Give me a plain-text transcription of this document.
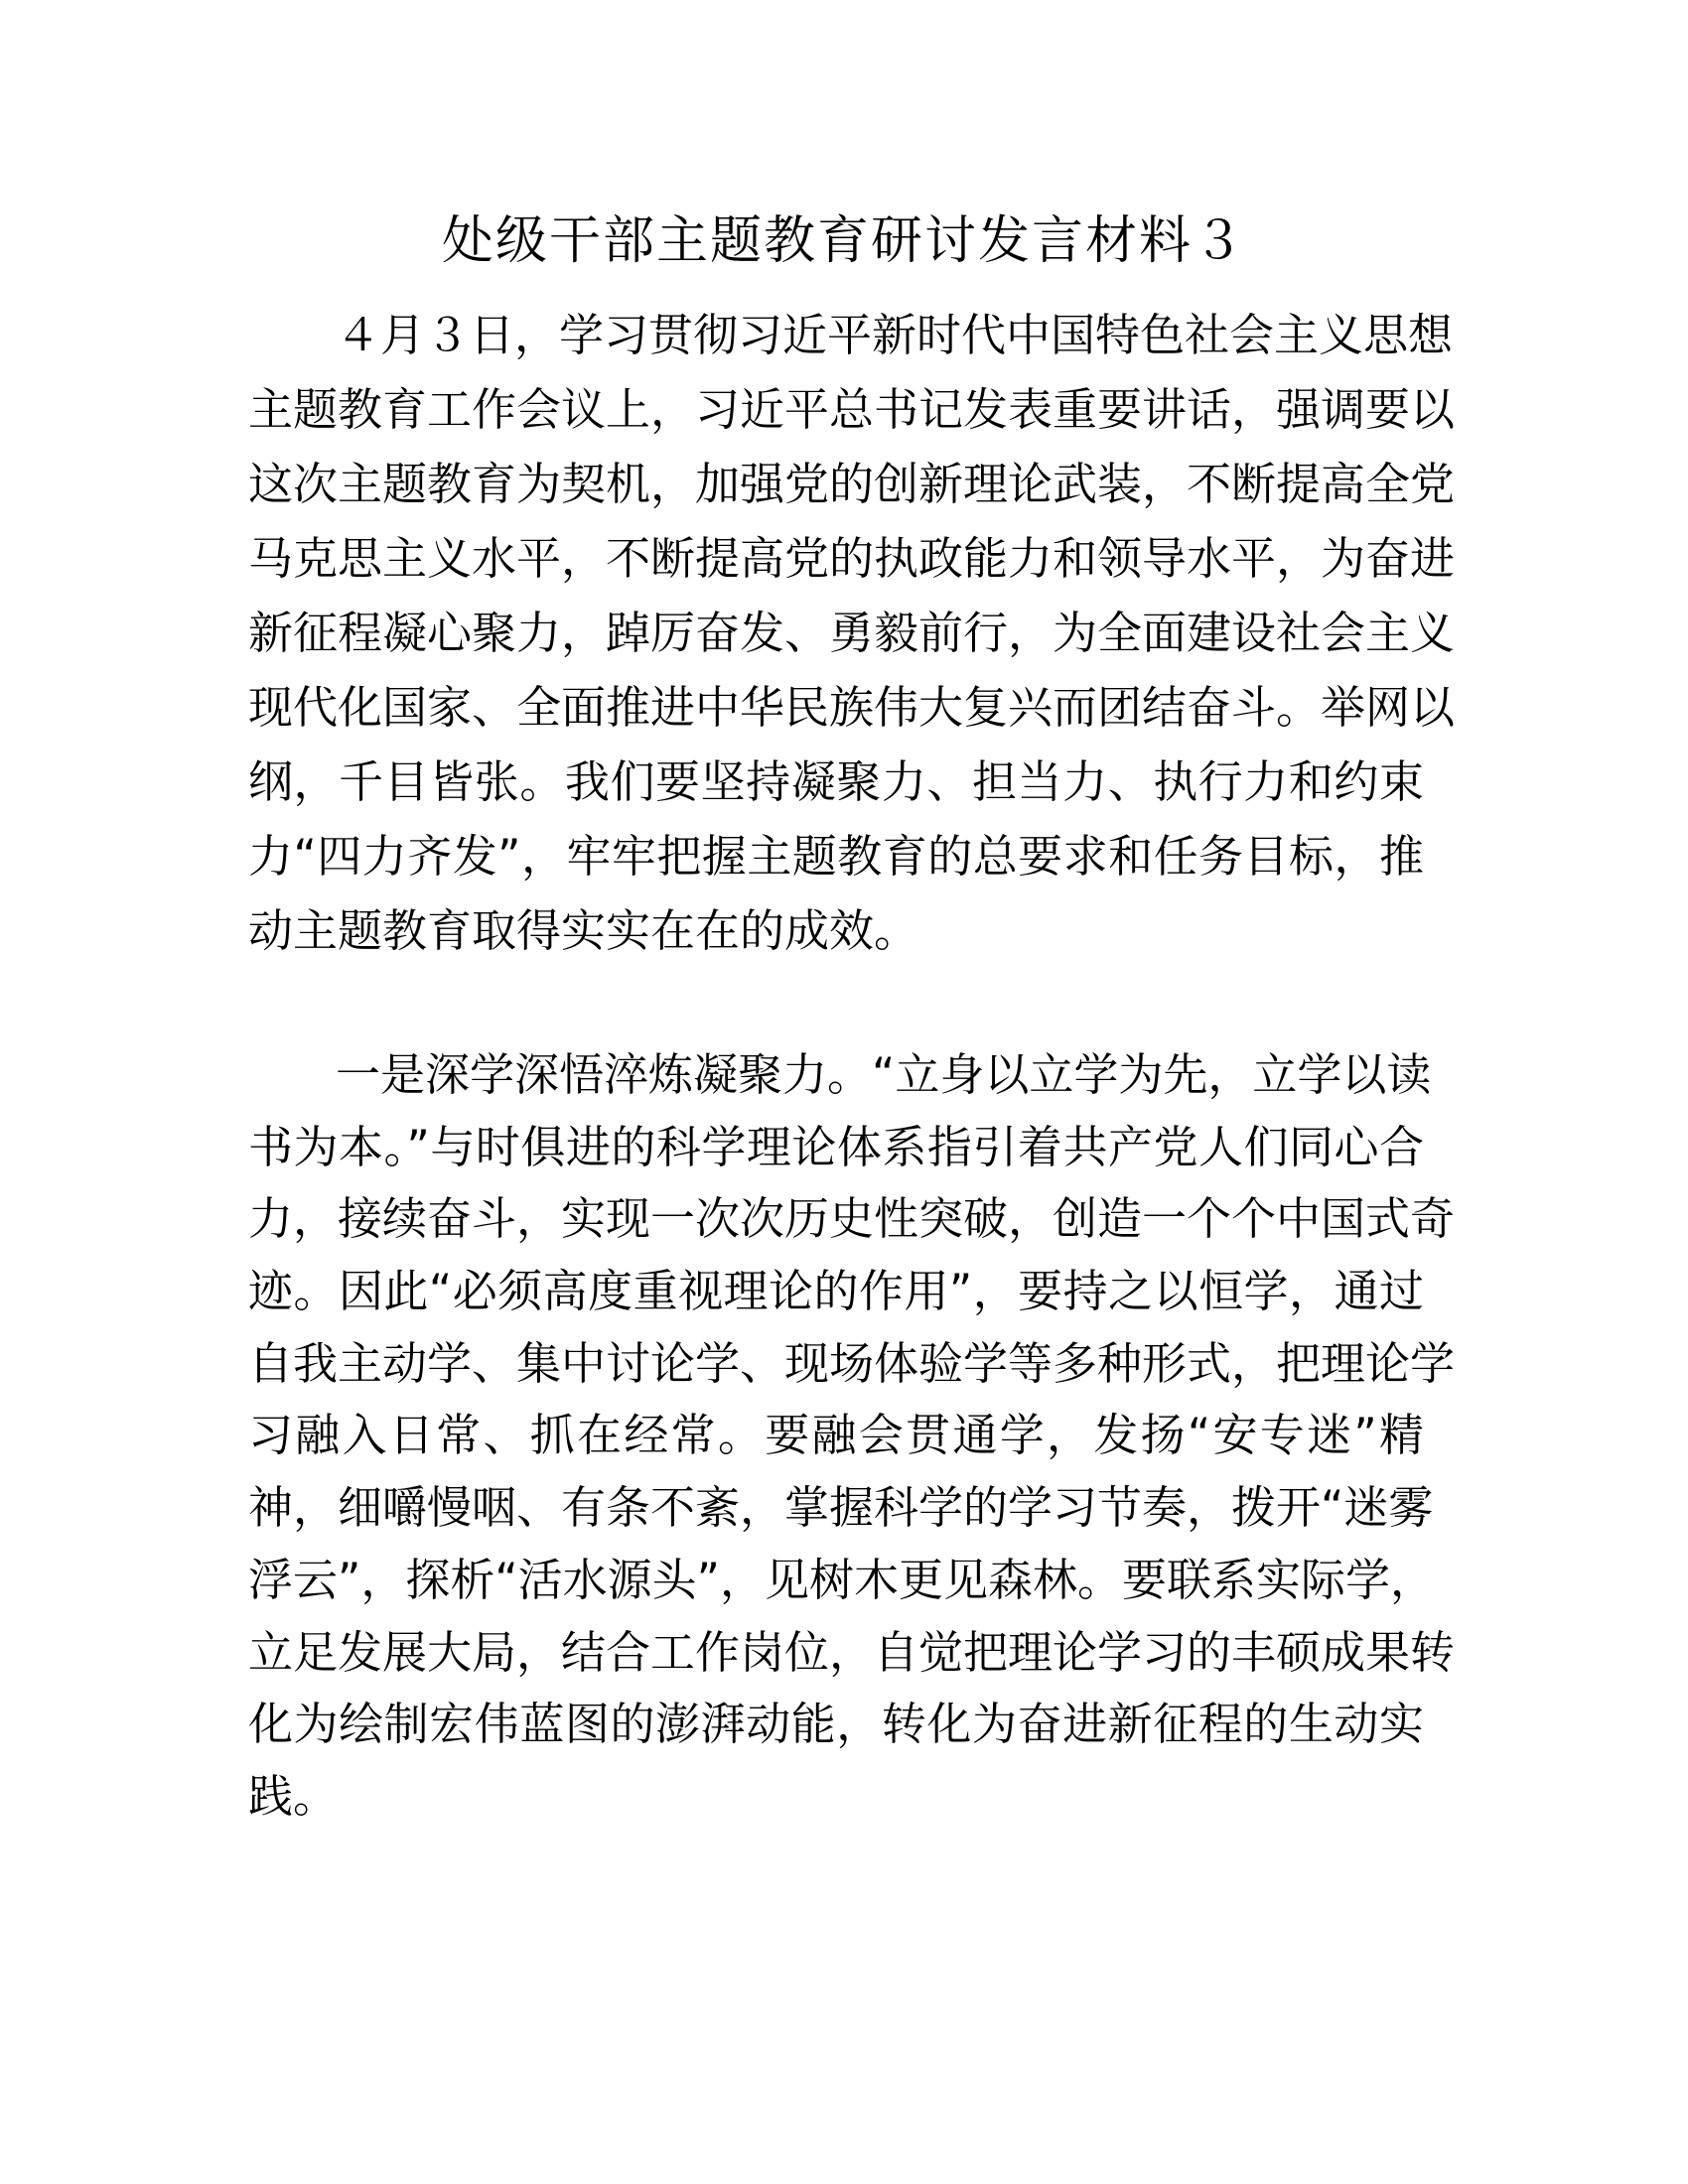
处级干部主题教育研讨发言材料３
４月３日，学习贯彻习近平新时代中国特色社会主义思想
主题教育工作会议上，习近平总书记发表重要讲话，强调要以
这次主题教育为契机，加强党的创新理论武装，不断提高全党
马克思主义水平，不断提高党的执政能力和领导水平，为奋进
新征程凝心聚力，踔厉奋发、勇毅前行，为全面建设社会主义
现代化国家、全面推进中华民族伟大复兴而团结奋斗。举网以
纲，千目皆张。我们要坚持凝聚力、担当力、执行力和约束
力“四力齐发”，牢牢把握主题教育的总要求和任务目标，推
动主题教育取得实实在在的成效。
一是深学深悟淬炼凝聚力。“立身以立学为先，立学以读
书为本。”与时俱进的科学理论体系指引着共产党人们同心合
力，接续奋斗，实现一次次历史性突破，创造一个个中国式奇
迹。因此“必须高度重视理论的作用”，要持之以恒学，通过
自我主动学、集中讨论学、现场体验学等多种形式，把理论学
习融入日常、抓在经常。要融会贯通学，发扬“安专迷”精
神，细嚼慢咽、有条不紊，掌握科学的学习节奏，拨开“迷雾
浮云”，探析“活水源头”，见树木更见森林。要联系实际学，
立足发展大局，结合工作岗位，自觉把理论学习的丰硕成果转
化为绘制宏伟蓝图的澎湃动能，转化为奋进新征程的生动实
践。
